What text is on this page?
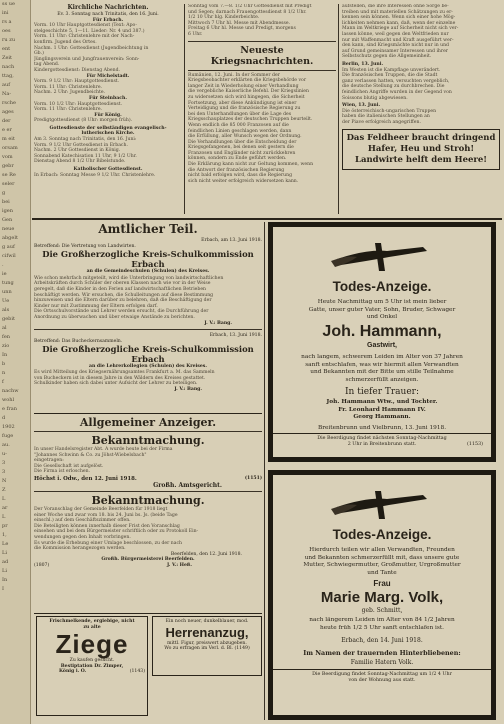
ss ue
ini
rs a
oes
ru zu
ent
Zeit
nach
ttag,
auf
Na-
rsche
ages
der
e er
m eit
orsam
vom
gebr
se Re
seler
g
bei
igen
Gen
neue
abgelt
g auf
cifwil
.
ie
tung
unn
Ue
als
gebit
al
fen
zio
In
b
n
f
nachw
wohl
e fran
d
1902
fuge
au.
u-
3
3
N
Z
L
ar
L
pr
1,
Le
Li
ad
Li
In
I
Kirchliche Nachrichten.
Ev. 3. Sonntag nach Trinitatis, den 16. Juni.
Für Erbach.
Vorm. 10 Uhr Hauptgottesdienst (Text: Apo-
stelgeschichte 5, 1—11. Lieder: Nr. 4 und 387.)
Vorm. 11 Uhr: Christenlehre mit der Nach-
konfirm. Jugend des Ortes.
Nachm. 1 Uhr: Gottesdienst (Jugendbeichtung in
Gb.)
Jünglingsverein und Jungfrauenverein: Sonn-
tag Abend.
Kindergottesdienst: Dienstag Abend.
Für Michelstadt.
Vorm. 9 1/2 Uhr: Hauptgottesdienst.
Vorm. 11 Uhr: Christenlehre.
Nachm. 2 Uhr: Jugendbeichte.
Für Steinbach.
Vorm. 10 1/2 Uhr: Hauptgottesdienst.
Vorm. 11 Uhr: Christenlehre.
Für König.
Predigtgottesdienst (8 Uhr: morgen früh).
Gottesdienste der selbständigen evangelisch-lutherischen Kirche.
Am 3. Sonntag nach Trinitatis, den 16. Juni:
Vorm. 9 1/2 Uhr Gottesdienst in Erbach.
Nachm. 2 Uhr Gottesdienst in König.
Sonnabend Katechisation 11 Uhr, 9 1/2 Uhr.
Dienstag Abend 8 1/2 Uhr Bibelstunde.
Katholischer Gottesdienst.
In Erbach: Sonntag Messe 9 1/2 Uhr. Christenlehre.
Sonntag vom 7.—8. 1/2 Uhr Gottesdienst mit Predigt
und Segen; darnach Frauengottesdienst 8 1/2 Uhr.
1/2 10 Uhr hlg. Kinderbeichte.
Mittwoch 7 Uhr hl. Messe mit Abendmesse.
Freitag 6 Uhr hl. Messe und Predigt, morgens
6 Uhr.
Neueste Kriegsnachrichten.
Rumänien, 12. Juni. In der Sommer der
Kriegsbeobachter erklärten die Kriegsbehörde vor
langer Zeit in Wiederholung einer Verhandlung
die vergebliche Kaiserliche Befehl. Der Kriegslinien
zu widersetzen sich wird hingegen, die Sicherheit
Fortsetzung, aber diese Ankündigung ist einer
Verteidigung und die französische Regierung zu
bei den Unterhandlungen über die Lage des
Kriegsschauplatzes der deutschen Truppen beurteilt.
Wenn endlich die 85 000 Franzosen auf die
feindlichen Linien geschlagen werden, dann
die Erfüllung, aller Wunsch wegen der Ordnung.
Die Verhandlungen über die Entscheidung der
Kriegsgefangenen, bei denen seit gestern die
Franzosen und Engländer nicht zurückkehren
können, sondern zu Ende geführt werden.
Die Erklärung kann nicht zur Geltung kommen, wenn
die Antwort der französischen Regierung
nicht bald erfolgen wird, dass die Regierung
sich nicht weiter erfolgreich widersetzen kann.
aufstellen, die ihre Interessen ohne Sorge be-
treiben und mit materiellen Schätzungen zu er-
kennen sein können. Wenn sich einer hohe Mög-
lichkeiten nehmen kann, daß, wenn der einzelne
Mann im Weltkriege auf Sicherheit nicht sich ver-
lassen könne, weil gegen den Weltfrieden nur
nur mit Waffenmacht und Kraft ausgeführt wer-
den kann, sind Kriegsmächte nicht nur in und
auf Grund gemeinsamer Interessen und ihrer
Selbstschutz gegen die Allgemeinheit.
Berlin, 13. Juni.
Im Westen ist die Kampflage unverändert.
Die französischen Truppen, die die Stadt
ganz verlassen hatten, versuchten vergeblich,
die deutsche Stellung zu durchbrechen. Die
feindlichen Angriffe wurden in der Gegend von
Soissons blutig abgewiesen.
Wien, 13. Juni.
Die österreichisch-ungarischen Truppen
haben die italienischen Stellungen an
der Piave erfolgreich angegriffen.
Das Feldheer braucht dringend
Hafer, Heu und Stroh!
Landwirte helft dem Heere!
Amtlicher Teil.
Erbach, am 13. Juni 1918.
Betreffend: Die Vertretung von Landwirten.
Die Großherzogliche Kreis-Schulkommission Erbach
an die Gemeindeschulen (Schulen) des Kreises.
Wie schon mehrfach mitgeteilt, wird die Unterbringung von landwirtschaftlichen
Arbeitskräften durch Schüler der oberen Klassen nach wie vor in der Weise
geregelt, daß die Kinder in den Ferien auf landwirtschaftlichen Betrieben
beschäftigt werden. Wir ersuchen, die Schulleitungen auf diese Bestimmung
hinzuweisen und die Eltern darüber zu belehren, daß die Beschäftigung der
Kinder nur mit Zustimmung der Eltern erfolgen darf.
Die Ortsschulvorstände und Lehrer werden ersucht, die Durchführung der
Anordnung zu überwachen und über etwaige Anstände zu berichten.
J. V.: Bang.
Erbach, 13. Juni 1918.
Betreffend: Das Bucheckernsammeln.
Die Großherzogliche Kreis-Schulkommission Erbach
an die Lehrerkollegien (Schulen) des Kreises.
Es wird Mitteilung des Kriegsernährungsamtes Frankfurt a. M. das Sammeln
von Bucheckern ist in diesem Jahre in den Wäldern des Kreises gestattet.
Schulkinder haben sich dabei unter Aufsicht der Lehrer zu beteiligen.
J. V.: Bang.
Allgemeiner Anzeiger.
Bekanntmachung.
In unser Handelsregister Abt. A wurde heute bei der Firma
"Johannes Schwinn & Co. zu Jöhst-Wiebelsbach"
eingetragen:
Die Gesellschaft ist aufgelöst.
Die Firma ist erloschen.
Höchst i. Odw., den 12. Juni 1918.	(1151)
Großh. Amtsgericht.
Bekanntmachung.
Der Voranschlag der Gemeinde Beerfelden für 1918 liegt
einer Woche und zwar vom 18. bis 24. Juni bs. Js. (beide Tage
einschl.) auf dem Geschäftszimmer offen.
Die Beteiligten können innerhalb dieser Frist den Voranschlag
einsehen und bei dem Bürgermeister schriftlich oder zu Protokoll Ein-
wendungen gegen den Inhalt vorbringen.
Es wurde die Erhebung einer Umlage beschlossen, zu der nach
die Kommission herangezogen werden.
Beerfelden, den 12. Juni 1918.
Großh. Bürgermeisterei Beerfelden.
(1807)	J. V.: Heß.
Frischmelkende, ergiebige, nicht
zu alte
Ziege
Zu kaufen gesucht.
Bestiptation Dr. Zimper,
König i. O.	(1143)
Ein noch neuer, dunkelblauer, mod.
Herrenanzug,
mittl. Figur, preiswert abzugeben.
Wo zu erfragen im Verl. d. Bl. (1149)
Todes-Anzeige.
Heute Nachmittag um 5 Uhr ist mein lieber
Gatte, unser guter Vater, Sohn, Bruder, Schwager
und Onkel
Joh. Hammann,
Gastwirt,
nach langem, schwerem Leiden im Alter von 37 Jahren
sanft entschlafen, was wir hiermit allen Verwandten
und Bekannten mit der Bitte um stille Teilnahme
schmerzerfüllt anzeigen.
In tiefer Trauer:
Joh. Hammann Wtw., und Tochter.
Fr. Leonhard Hammann IV.
Georg Hammann.
Breitenbrunn und Vielbrunn, 13. Juni 1918.
Die Beerdigung findet nächsten Sonntag-Nachmittag
2 Uhr in Breitenbrunn statt.	(1153)
Todes-Anzeige.
Hierdurch teilen wir allen Verwandten, Freunden
und Bekannten schmerzerfüllt mit, dass unsere gute
Mutter, Schwiegermutter, Großmutter, Urgroßmutter
und Tante
Frau
Marie Marg. Volk,
geb. Schmitt,
nach längerem Leiden im Alter von 84 1/2 Jahren
heute früh 1/2 5 Uhr sanft entschlafen ist.
Erbach, den 14. Juni 1918.
Im Namen der trauernden Hinterbliebenen:
Familie Hatern Volk.
Die Beerdigung findet Sonntag-Nachmittag um 1/2 4 Uhr
von der Wohnung aus statt.
